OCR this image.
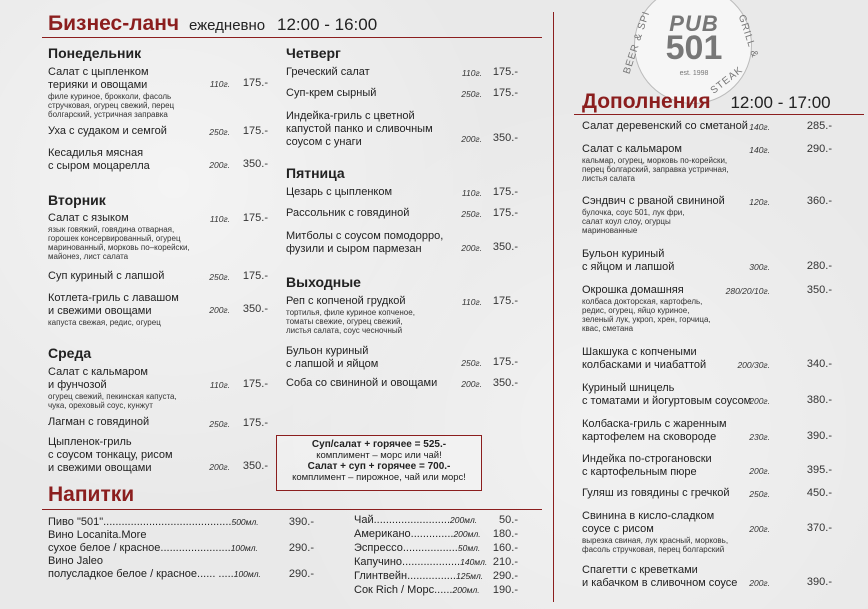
Бизнес-ланч ежедневно 12:00 - 16:00
Понедельник
Салат с цыпленком
терияки и овощами
филе куриное, брокколи, фасоль
стручковая, огурец свежий, перец
болгарский, устричная заправка
110г.	175.-
Уха с судаком и семгой	250г.	175.-
Кесадилья мясная
с сыром моцарелла	200г.	350.-
Вторник
Салат с языком
язык говяжий, говядина отварная,
горошек консервированный, огурец
маринованный, морковь по–корейски,
майонез, лист салата
110г.	175.-
Суп куриный с лапшой	250г.	175.-
Котлета-гриль с лавашом
и свежими овощами
капуста свежая, редис, огурец
200г.	350.-
Среда
Салат с кальмаром
и фунчозой
огурец свежий, пекинская капуста,
чука, ореховый соус, кунжут
110г.	175.-
Лагман с говядиной	250г.	175.-
Цыпленок-гриль
с соусом тонкацу, рисом
и свежими овощами	200г.	350.-
Четверг
Греческий салат	110г. 175.-
Суп-крем сырный	250г. 175.-
Индейка-гриль с цветной
капустой панко и сливочным
соусом с унаги	200г. 350.-
Пятница
Цезарь с цыпленком	110г. 175.-
Рассольник с говядиной	250г. 175.-
Митболы с соусом помодорро,
фузили и сыром пармезан	200г. 350.-
Выходные
Реп с копченой грудкой
тортилья, филе куриное копченое,
томаты свежие, огурец свежий,
листья салата, соус чесночный
110г. 175.-
Бульон куриный
с лапшой и яйцом	250г. 175.-
Соба со свининой и овощами	200г. 350.-
Суп/салат + горячее = 525.-
комплимент – морс или чай!
Салат + суп + горячее = 700.-
комплимент – пирожное, чай или морс!
Напитки
Пиво "501"..........................................500мл.	390.-
Вино Locanita.More
сухое белое / красное.......................100мл.	290.-
Вино Jaleo
полусладкое белое / красное...... .....100мл.	290.-
Чай.........................200мл.	50.-
Американо..............200мл.	180.-
Эспрессо..................50мл.	160.-
Капучино...................140мл. 210.-
Глинтвейн................125мл. 290.-
Сок Rich / Морс......200мл.	190.-
PUB
501
est. 1998
BEER & SPI	GRILL &
STEAK
Дополнения 12:00 - 17:00
Салат деревенский со сметаной 140г.	285.-
Салат с кальмаром
кальмар, огурец, морковь по-корейски,
перец болгарский, заправка устричная,
листья салата
140г.	290.-
Сэндвич с рваной свининой
булочка, соус 501, лук фри,
салат коул слоу, огурцы
маринованные
120г.	360.-
Бульон куриный
с яйцом и лапшой	300г.	280.-
Окрошка домашняя
колбаса докторская, картофель,
редис, огурец, яйцо куриное,
зеленый лук, укроп, хрен, горчица,
квас, сметана
280/20/10г.	350.-
Шакшука с копчеными
колбасками и чиабаттой	200/30г.	340.-
Куриный шницель
с томатами и йогуртовым соусом
200г.	380.-
Колбаска-гриль с жаренным
картофелем на сковороде	230г.	390.-
Индейка по-строгановски
с картофельным пюре	200г.	395.-
Гуляш из говядины с гречкой	250г.	450.-
Свинина в кисло-сладком
соусе с рисом
вырезка свиная, лук красный, морковь,
фасоль стручковая, перец болгарский
200г.	370.-
Спагетти с креветками
и кабачком в сливочном соусе	200г.	390.-
